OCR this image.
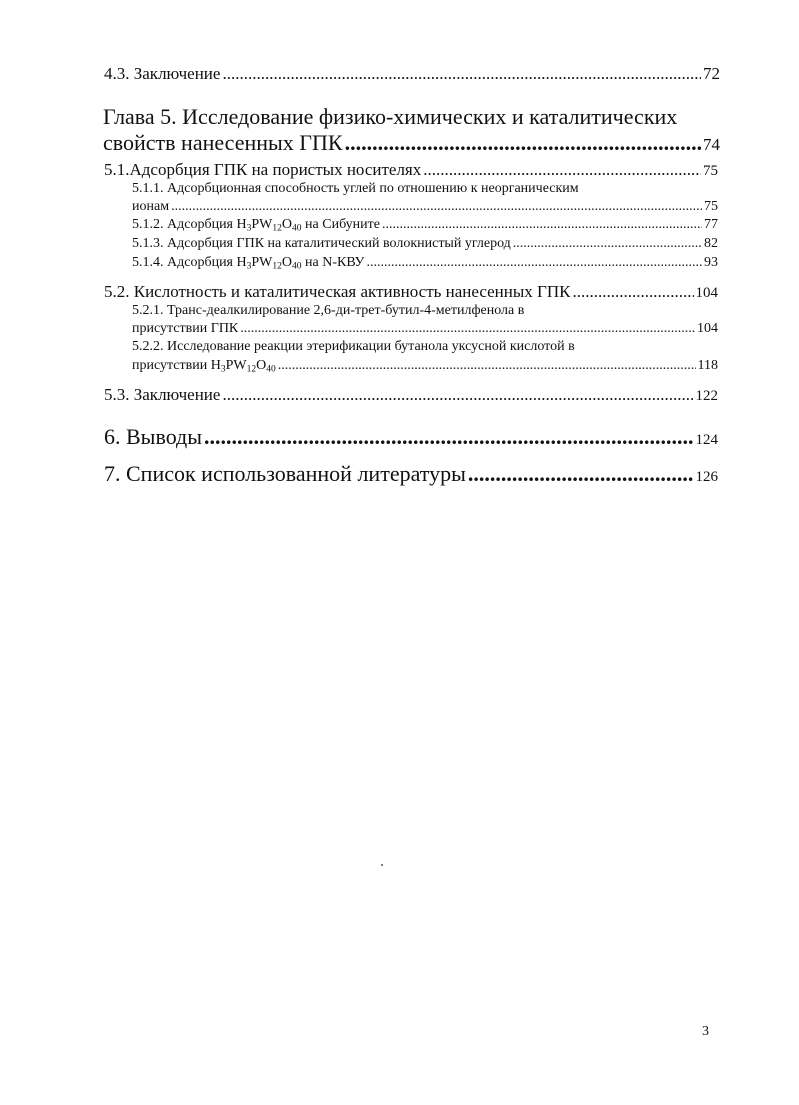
4.3. Заключение .....	72
Глава 5. Исследование физико-химических и каталитических
свойств нанесенных ГПК .....	74
5.1.Адсорбция ГПК на пористых носителях .....	75
5.1.1. Адсорбционная способность углей по отношению к неорганическим
ионам .....	75
5.1.2. Адсорбция $H_3PW_{12}O_{40}$ на Сибуните .....	77
5.1.3. Адсорбция ГПК на каталитический волокнистый углерод .....	82
5.1.4. Адсорбция $H_3PW_{12}O_{40}$ на N-КВУ .....	93
5.2. Кислотность и каталитическая активность нанесенных ГПК .....	104
5.2.1. Транс-деалкилирование 2,6-ди-трет-бутил-4-метилфенола в
присутствии ГПК .....	104
5.2.2. Исследование реакции этерификации бутанола уксусной кислотой в
присутствии $H_3PW_{12}O_{40}$ .....	118
5.3. Заключение .....	122
6. Выводы .....	124
7. Список использованной литературы .....	126
3
